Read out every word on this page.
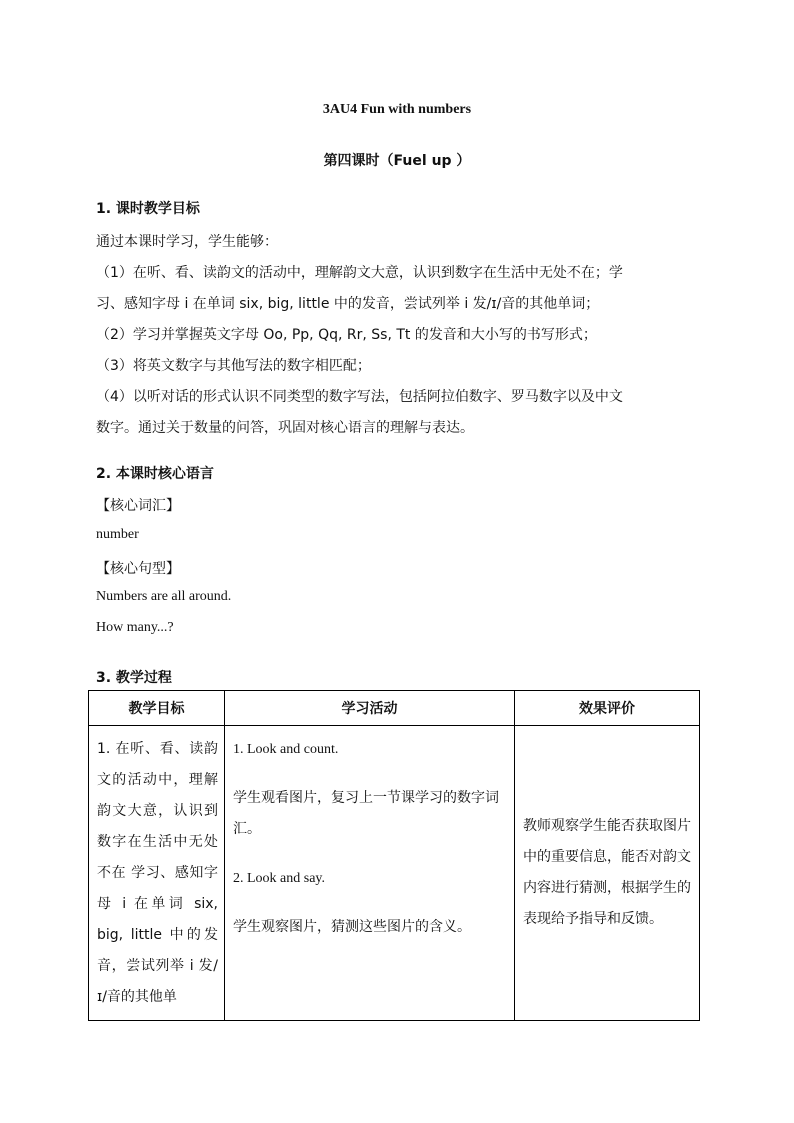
3AU4 Fun with numbers
第四课时（Fuel up ）
1. 课时教学目标
通过本课时学习，学生能够：
（1）在听、看、读韵文的活动中，理解韵文大意，认识到数字在生活中无处不在；学
习、感知字母 i 在单词 six, big, little 中的发音，尝试列举 i 发/ɪ/音的其他单词；
（2）学习并掌握英文字母 Oo, Pp, Qq, Rr, Ss, Tt 的发音和大小写的书写形式；
（3）将英文数字与其他写法的数字相匹配；
（4）以听对话的形式认识不同类型的数字写法，包括阿拉伯数字、罗马数字以及中文
数字。通过关于数量的问答，巩固对核心语言的理解与表达。
2. 本课时核心语言
【核心词汇】
number
【核心句型】
Numbers are all around.
How many...?
3. 教学过程
教学目标	学习活动	效果评价
1. 在听、看、读韵文的活动中，理解韵文大意，认识到数字在生活中无处不在 学习、感知字母 i 在单词 six, big, little 中的发音，尝试列举 i 发/ɪ/音的其他单	1. Look and count.

学生观看图片，复习上一节课学习的数字词汇。

2. Look and say.

学生观察图片，猜测这些图片的含义。	教师观察学生能否获取图片中的重要信息，能否对韵文内容进行猜测，根据学生的表现给予指导和反馈。
